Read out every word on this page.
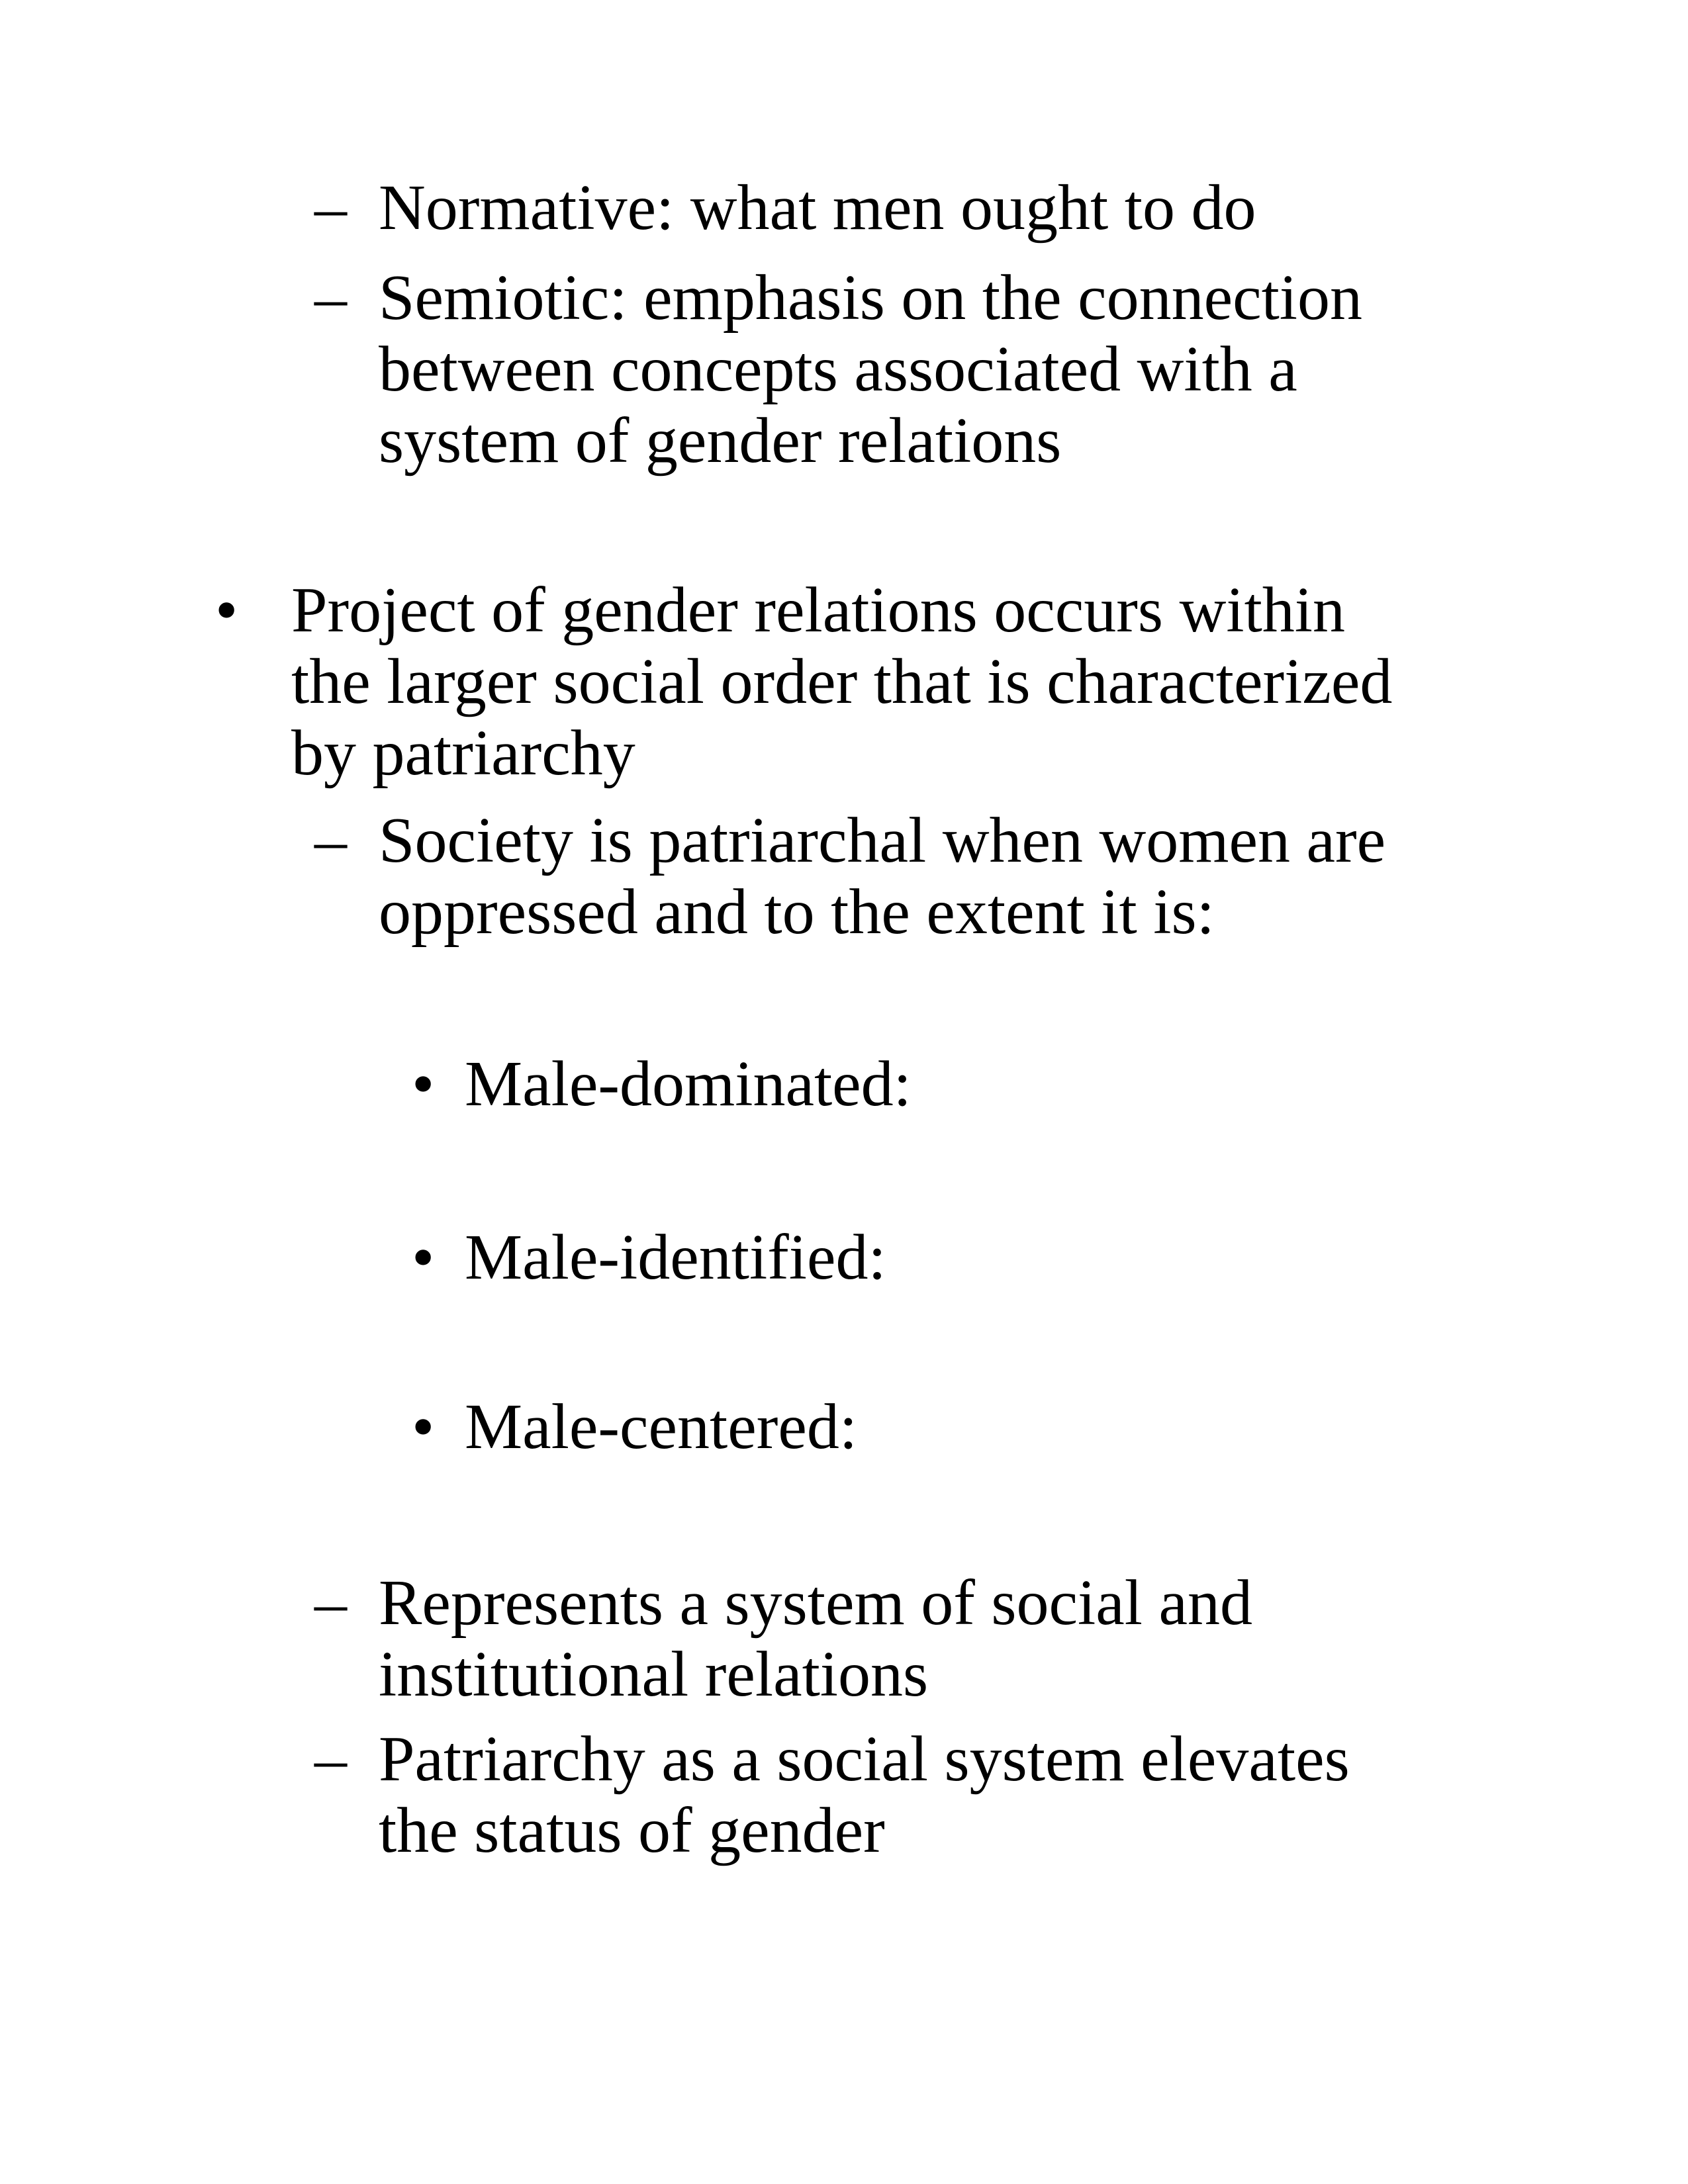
– Normative: what men ought to do
– Semiotic: emphasis on the connection
between concepts associated with a
system of gender relations
• Project of gender relations occurs within
the larger social order that is characterized
by patriarchy
– Society is patriarchal when women are
oppressed and to the extent it is:
• Male-dominated:
• Male-identified:
• Male-centered:
– Represents a system of social and
institutional relations
– Patriarchy as a social system elevates
the status of gender
